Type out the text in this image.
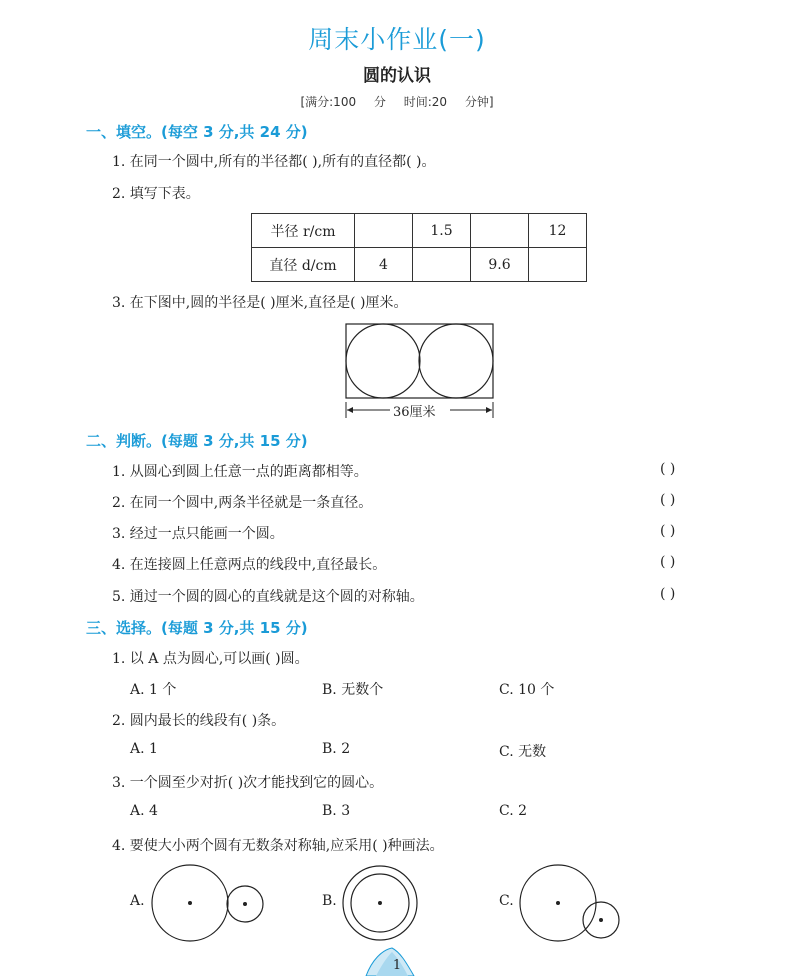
周末小作业(一)
圆的认识
[满分:100 分 时间:20 分钟]
一、填空。(每空 3 分,共 24 分)
1. 在同一个圆中,所有的半径都( ),所有的直径都( )。
2. 填写下表。
半径 r/cm		1.5		12
直径 d/cm	4		9.6	
3. 在下图中,圆的半径是( )厘米,直径是( )厘米。
36厘米
二、判断。(每题 3 分,共 15 分)
1. 从圆心到圆上任意一点的距离都相等。	( )
2. 在同一个圆中,两条半径就是一条直径。	( )
3. 经过一点只能画一个圆。	( )
4. 在连接圆上任意两点的线段中,直径最长。	( )
5. 通过一个圆的圆心的直线就是这个圆的对称轴。	( )
三、选择。(每题 3 分,共 15 分)
1. 以 A 点为圆心,可以画( )圆。
A. 1 个	B. 无数个	C. 10 个
2. 圆内最长的线段有( )条。
A. 1	B. 2	C. 无数
3. 一个圆至少对折( )次才能找到它的圆心。
A. 4	B. 3	C. 2
4. 要使大小两个圆有无数条对称轴,应采用( )种画法。
A.	B.	C.
1
